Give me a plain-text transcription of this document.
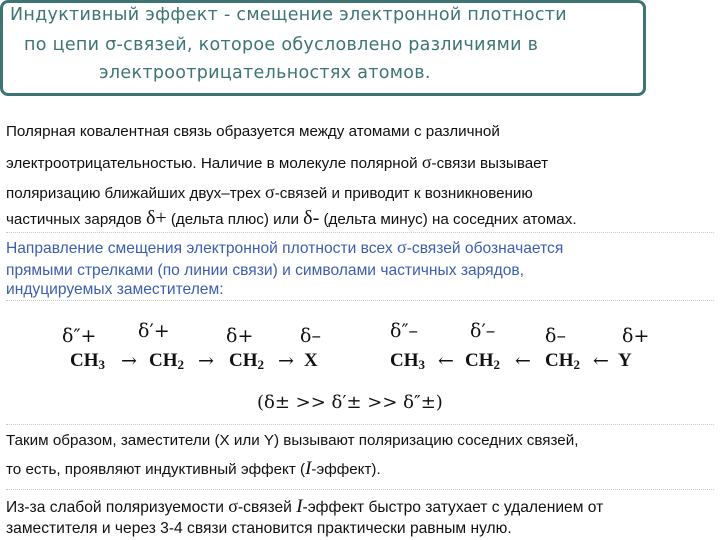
Индуктивный эффект - смещение электронной плотности
по цепи σ-связей, которое обусловлено различиями в
электроотрицательностях атомов.
Полярная ковалентная связь образуется между атомами с различной
электроотрицательностью. Наличие в молекуле полярной σ-связи вызывает
поляризацию ближайших двух–трех σ-связей и приводит к возникновению
частичных зарядов δ+ (дельта плюс) или δ- (дельта минус) на соседних атомах.
Направление смещения электронной плотности всех σ-связей обозначается
прямыми стрелками (по линии связи) и символами частичных зарядов,
индуцируемых заместителем:
δ″+ δ′+	δ+ δ–
$CH_3 \to CH_2 \to CH_2 \to X$
δ″–	δ′–	δ–	δ+
$CH_3$ ← $CH_2$ ← $CH_2$ ← Y
(δ± >> δ′± >> δ″±)
Таким образом, заместители (X или Y) вызывают поляризацию соседних связей,
то есть, проявляют индуктивный эффект (I-эффект).
Из-за слабой поляризуемости σ-связей I-эффект быстро затухает с удалением от
заместителя и через 3-4 связи становится практически равным нулю.
